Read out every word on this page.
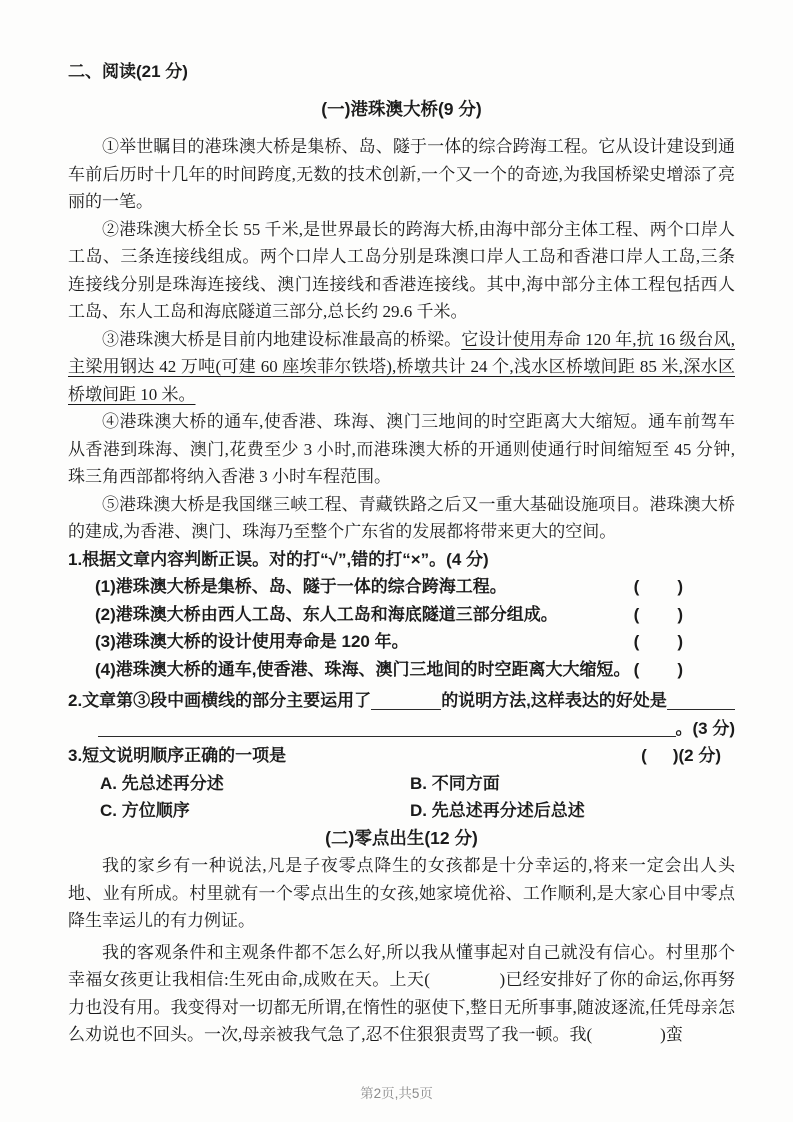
二、阅读(21 分)
(一)港珠澳大桥(9 分)

①举世瞩目的港珠澳大桥是集桥、岛、隧于一体的综合跨海工程。它从设计建设到通车前后历时十几年的时间跨度,无数的技术创新,一个又一个的奇迹,为我国桥梁史增添了亮丽的一笔。

②港珠澳大桥全长 55 千米,是世界最长的跨海大桥,由海中部分主体工程、两个口岸人工岛、三条连接线组成。两个口岸人工岛分别是珠澳口岸人工岛和香港口岸人工岛,三条连接线分别是珠海连接线、澳门连接线和香港连接线。其中,海中部分主体工程包括西人工岛、东人工岛和海底隧道三部分,总长约 29.6 千米。

③港珠澳大桥是目前内地建设标准最高的桥梁。它设计使用寿命 120 年,抗 16 级台风,主梁用钢达 42 万吨(可建 60 座埃菲尔铁塔),桥墩共计 24 个,浅水区桥墩间距 85 米,深水区桥墩间距 10 米。

④港珠澳大桥的通车,使香港、珠海、澳门三地间的时空距离大大缩短。通车前驾车从香港到珠海、澳门,花费至少 3 小时,而港珠澳大桥的开通则使通行时间缩短至 45 分钟,珠三角西部都将纳入香港 3 小时车程范围。

⑤港珠澳大桥是我国继三峡工程、青藏铁路之后又一重大基础设施项目。港珠澳大桥的建成,为香港、澳门、珠海乃至整个广东省的发展都将带来更大的空间。

1.根据文章内容判断正误。对的打“√”,错的打“×”。(4 分)
(1)港珠澳大桥是集桥、岛、隧于一体的综合跨海工程。	( )
(2)港珠澳大桥由西人工岛、东人工岛和海底隧道三部分组成。	( )
(3)港珠澳大桥的设计使用寿命是 120 年。	( )
(4)港珠澳大桥的通车,使香港、珠海、澳门三地间的时空距离大大缩短。 ( )
2.文章第③段中画横线的部分主要运用了	的说明方法,这样表达的好处是
。(3 分)
3.短文说明顺序正确的一项是	( ) (2 分)
A. 先总述再分述	B. 不同方面
C. 方位顺序	D. 先总述再分述后总述
(二)零点出生(12 分)

我的家乡有一种说法,凡是子夜零点降生的女孩都是十分幸运的,将来一定会出人头地、业有所成。村里就有一个零点出生的女孩,她家境优裕、工作顺利,是大家心目中零点降生幸运儿的有力例证。

我的客观条件和主观条件都不怎么好,所以我从懂事起对自己就没有信心。村里那个幸福女孩更让我相信:生死由命,成败在天。上天(　　　　)已经安排好了你的命运,你再努力也没有用。我变得对一切都无所谓,在惰性的驱使下,整日无所事事,随波逐流,任凭母亲怎么劝说也不回头。一次,母亲被我气急了,忍不住狠狠责骂了我一顿。我(　　　　)蛮

第2页,共5页
